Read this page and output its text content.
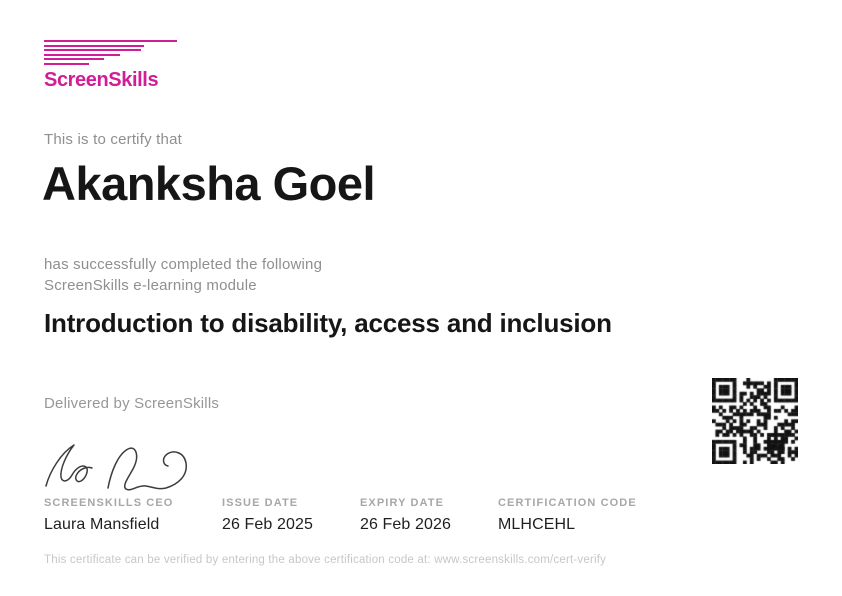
ScreenSkills
This is to certify that
Akanksha Goel
has successfully completed the following
ScreenSkills e-learning module
Introduction to disability, access and inclusion
Delivered by ScreenSkills
SCREENSKILLS CEO
Laura Mansfield
ISSUE DATE
26 Feb 2025
EXPIRY DATE
26 Feb 2026
CERTIFICATION CODE
MLHCEHL
This certificate can be verified by entering the above certification code at: www.screenskills.com/cert-verify
